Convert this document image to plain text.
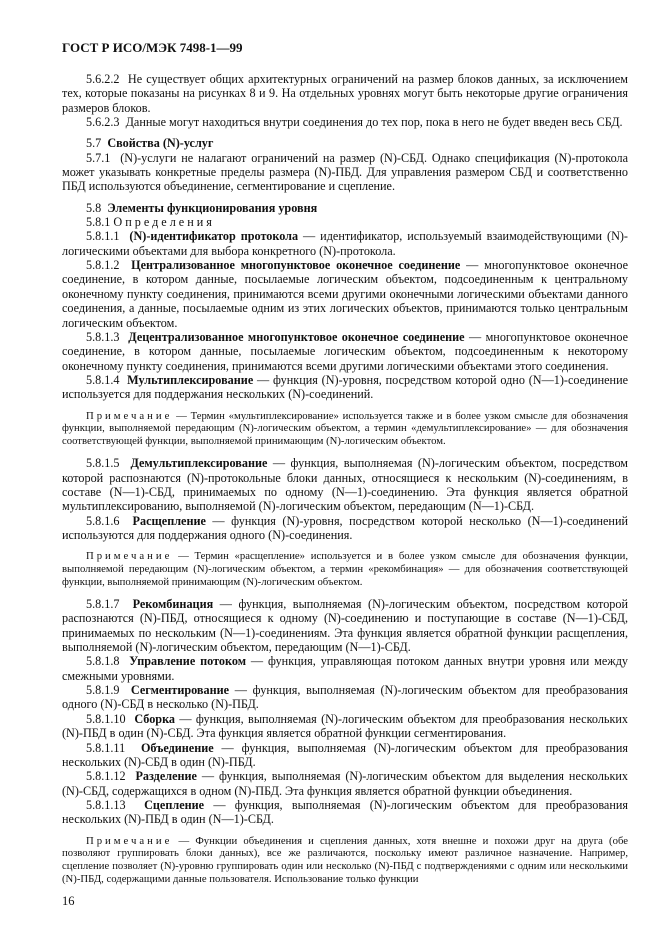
ГОСТ Р ИСО/МЭК 7498-1—99

5.6.2.2 Не существует общих архитектурных ограничений на размер блоков данных, за исключением тех, которые показаны на рисунках 8 и 9. На отдельных уровнях могут быть некоторые другие ограничения размеров блоков.

5.6.2.3 Данные могут находиться внутри соединения до тех пор, пока в него не будет введен весь СБД.

5.7 Свойства (N)-услуг

5.7.1 (N)-услуги не налагают ограничений на размер (N)-СБД. Однако спецификация (N)-протокола может указывать конкретные пределы размера (N)-ПБД. Для управления размером СБД и соответственно ПБД используются объединение, сегментирование и сцепление.

5.8 Элементы функционирования уровня

5.8.1 Определения

5.8.1.1 (N)-идентификатор протокола — идентификатор, используемый взаимодействующими (N)-логическими объектами для выбора конкретного (N)-протокола.

5.8.1.2 Централизованное многопунктовое оконечное соединение — многопунктовое оконечное соединение, в котором данные, посылаемые логическим объектом, подсоединенным к центральному оконечному пункту соединения, принимаются всеми другими оконечными логическими объектами данного соединения, а данные, посылаемые одним из этих логических объектов, принимаются только центральным логическим объектом.

5.8.1.3 Децентрализованное многопунктовое оконечное соединение — многопунктовое оконечное соединение, в котором данные, посылаемые логическим объектом, подсоединенным к некоторому оконечному пункту соединения, принимаются всеми другими логическими объектами этого соединения.

5.8.1.4 Мультиплексирование — функция (N)-уровня, посредством которой одно (N—1)-соединение используется для поддержания нескольких (N)-соединений.

Примечание — Термин «мультиплексирование» используется также и в более узком смысле для обозначения функции, выполняемой передающим (N)-логическим объектом, а термин «демультиплексирование» — для обозначения соответствующей функции, выполняемой принимающим (N)-логическим объектом.

5.8.1.5 Демультиплексирование — функция, выполняемая (N)-логическим объектом, посредством которой распознаются (N)-протокольные блоки данных, относящиеся к нескольким (N)-соединениям, в составе (N—1)-СБД, принимаемых по одному (N—1)-соединению. Эта функция является обратной мультиплексированию, выполняемой (N)-логическим объектом, передающим (N—1)-СБД.

5.8.1.6 Расщепление — функция (N)-уровня, посредством которой несколько (N—1)-соединений используются для поддержания одного (N)-соединения.

Примечание — Термин «расщепление» используется и в более узком смысле для обозначения функции, выполняемой передающим (N)-логическим объектом, а термин «рекомбинация» — для обозначения соответствующей функции, выполняемой принимающим (N)-логическим объектом.

5.8.1.7 Рекомбинация — функция, выполняемая (N)-логическим объектом, посредством которой распознаются (N)-ПБД, относящиеся к одному (N)-соединению и поступающие в составе (N—1)-СБД, принимаемых по нескольким (N—1)-соединениям. Эта функция является обратной функции расщепления, выполняемой (N)-логическим объектом, передающим (N—1)-СБД.

5.8.1.8 Управление потоком — функция, управляющая потоком данных внутри уровня или между смежными уровнями.

5.8.1.9 Сегментирование — функция, выполняемая (N)-логическим объектом для преобразования одного (N)-СБД в несколько (N)-ПБД.

5.8.1.10 Сборка — функция, выполняемая (N)-логическим объектом для преобразования нескольких (N)-ПБД в один (N)-СБД. Эта функция является обратной функции сегментирования.

5.8.1.11 Объединение — функция, выполняемая (N)-логическим объектом для преобразования нескольких (N)-СБД в один (N)-ПБД.

5.8.1.12 Разделение — функция, выполняемая (N)-логическим объектом для выделения нескольких (N)-СБД, содержащихся в одном (N)-ПБД. Эта функция является обратной функции объединения.

5.8.1.13 Сцепление — функция, выполняемая (N)-логическим объектом для преобразования нескольких (N)-ПБД в один (N—1)-СБД.

Примечание — Функции объединения и сцепления данных, хотя внешне и похожи друг на друга (обе позволяют группировать блоки данных), все же различаются, поскольку имеют различное назначение. Например, сцепление позволяет (N)-уровню группировать один или несколько (N)-ПБД с подтверждениями с одним или несколькими (N)-ПБД, содержащими данные пользователя. Использование только функции

16
